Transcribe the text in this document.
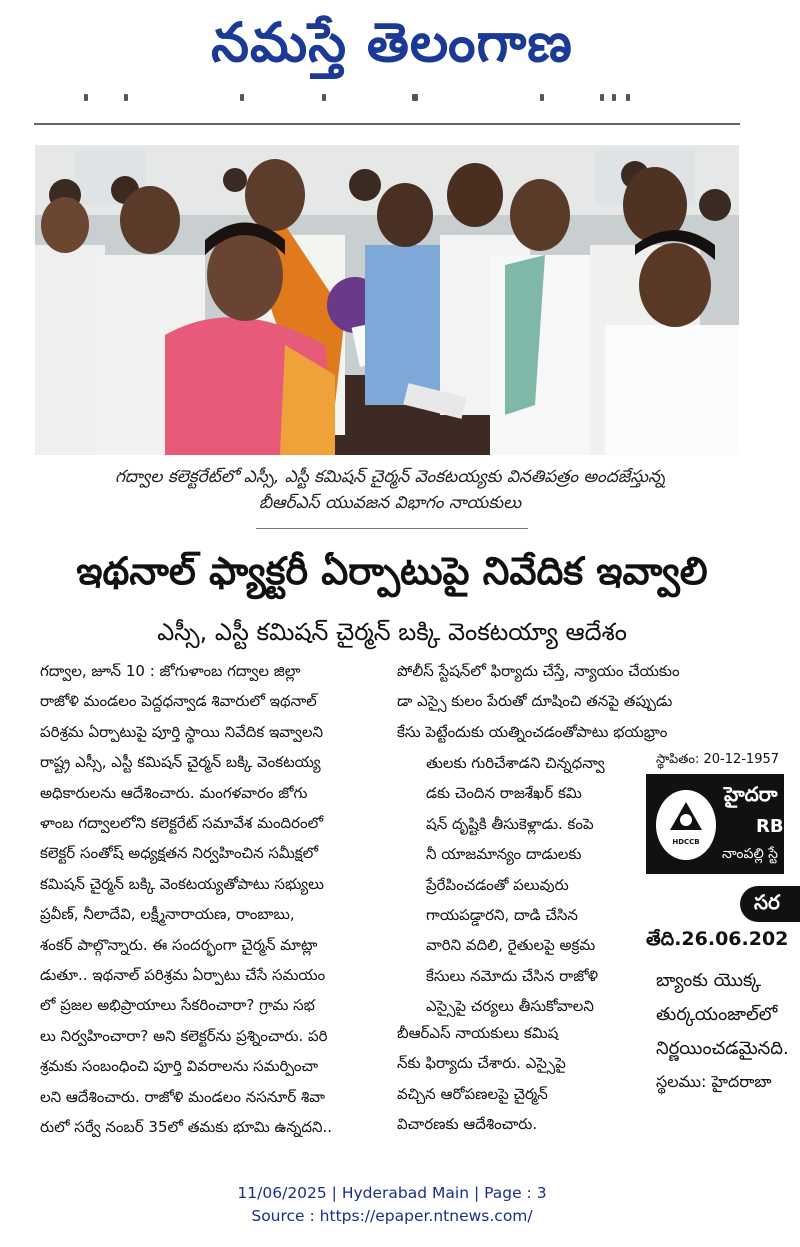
నమస్తే తెలంగాణ
గద్వాల కలెక్టరేట్‌లో ఎస్సీ, ఎస్టీ కమిషన్ చైర్మన్ వెంకటయ్యకు వినతిపత్రం అందజేస్తున్న
బీఆర్‌ఎస్ యువజన విభాగం నాయకులు
ఇథనాల్ ఫ్యాక్టరీ ఏర్పాటుపై నివేదిక ఇవ్వాలి
ఎస్సీ, ఎస్టీ కమిషన్ చైర్మన్ బక్కి వెంకటయ్యా ఆదేశం
గద్వాల, జూన్ 10 : జోగుళాంబ గద్వాల జిల్లా
రాజోళి మండలం పెద్దధన్వాడ శివారులో ఇథనాల్
పరిశ్రమ ఏర్పాటుపై పూర్తి స్థాయి నివేదిక ఇవ్వాలని
రాష్ట్ర ఎస్సీ, ఎస్టీ కమిషన్ చైర్మన్ బక్కి వెంకటయ్య
అధికారులను ఆదేశించారు. మంగళవారం జోగు
ళాంబ గద్వాలలోని కలెక్టరేట్ సమావేశ మందిరంలో
కలెక్టర్ సంతోష్ అధ్యక్షతన నిర్వహించిన సమీక్షలో
కమిషన్ చైర్మన్ బక్కి వెంకటయ్యతోపాటు సభ్యులు
ప్రవీణ్, నీలాదేవి, లక్ష్మీనారాయణ, రాంబాబు,
శంకర్ పాల్గొన్నారు. ఈ సందర్భంగా చైర్మన్ మాట్లా
డుతూ.. ఇథనాల్ పరిశ్రమ ఏర్పాటు చేసే సమయం
లో ప్రజల అభిప్రాయాలు సేకరించారా? గ్రామ సభ
లు నిర్వహించారా? అని కలెక్టర్‌ను ప్రశ్నించారు. పరి
శ్రమకు సంబంధించి పూర్తి వివరాలను సమర్పించా
లని ఆదేశించారు. రాజోళి మండలం నసనూర్ శివా
రులో సర్వే నంబర్ 35లో తమకు భూమి ఉన్నదని..
పోలీస్ స్టేషన్‌లో ఫిర్యాదు చేస్తే, న్యాయం చేయకుం
డా ఎస్సై కులం పేరుతో దూషించి తనపై తప్పుడు
కేసు పెట్టేందుకు యత్నించడంతోపాటు భయభ్రాం
తులకు గురిచేశాడని చిన్నధన్వా
డకు చెందిన రాజశేఖర్ కమి
షన్ దృష్టికి తీసుకెళ్లాడు. కంపె
నీ యాజమాన్యం దాడులకు
ప్రేరేపించడంతో పలువురు
గాయపడ్డారని, దాడి చేసిన
వారిని వదిలి, రైతులపై అక్రమ
కేసులు నమోదు చేసిన రాజోళి
ఎస్సైపై చర్యలు తీసుకోవాలని
బీఆర్‌ఎస్ నాయకులు కమిష
న్‌కు ఫిర్యాదు చేశారు. ఎస్సైపై
వచ్చిన ఆరోపణలపై చైర్మన్
విచారణకు ఆదేశించారు.
స్థాపితం: 20-12-1957
HDCCB
హైదరా
RBI
నాంపల్లి స్టే
సర
తేది.26.06.202
బ్యాంకు యొక్క
తుర్కయంజాల్‌లో
నిర్ణయించడమైనది.
స్థలము: హైదరాబా
11/06/2025 | Hyderabad Main | Page : 3
Source : https://epaper.ntnews.com/
